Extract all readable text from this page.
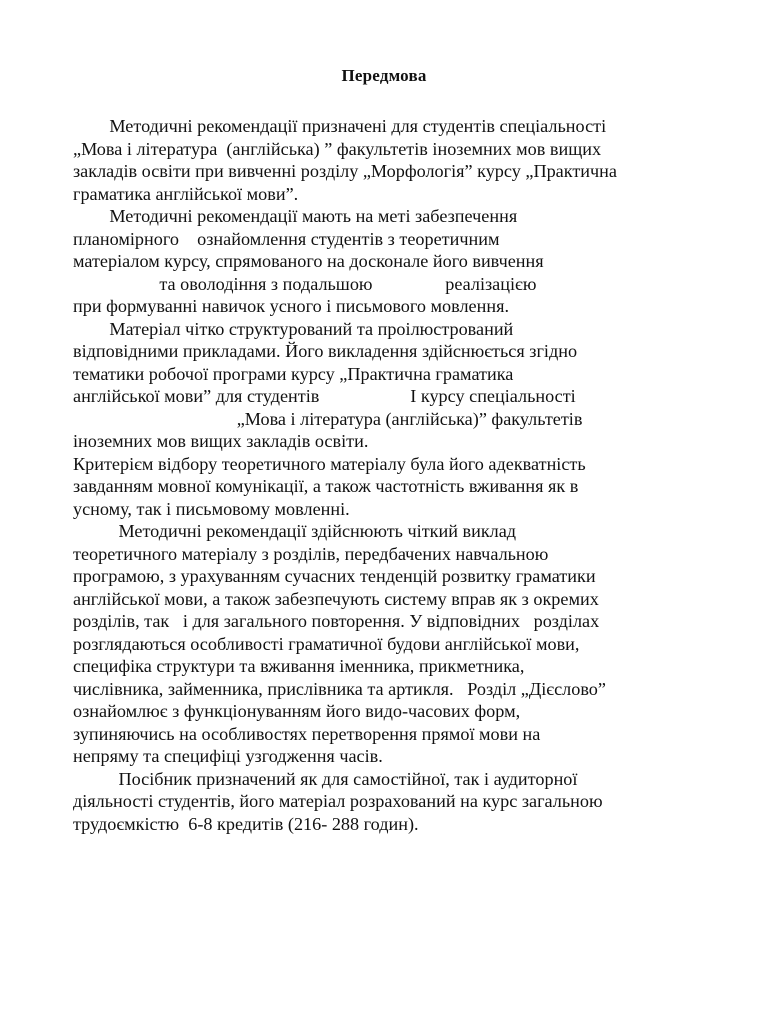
Передмова

Методичні рекомендації призначені для студентів спеціальності

„Мова і література  (англійська) ” факультетів іноземних мов вищих

закладів освіти при вивченні розділу „Морфологія” курсу „Практична

граматика англійської мови”.

Методичні рекомендації мають на меті забезпечення

планомірного    ознайомлення студентів з теоретичним

матеріалом курсу, спрямованого на досконале його вивчення

та оволодіння з подальшою                реалізацією

при формуванні навичок усного і письмового мовлення.

Матеріал чітко структурований та проілюстрований

відповідними прикладами. Його викладення здійснюється згідно

тематики робочої програми курсу „Практична граматика

англійської мови” для студентів                    І курсу спеціальності

„Мова і література (англійська)” факультетів

іноземних мов вищих закладів освіти.

Критерієм відбору теоретичного матеріалу була його адекватність

завданням мовної комунікації, а також частотність вживання як в

усному, так і письмовому мовленні.

Методичні рекомендації здійснюють чіткий виклад

теоретичного матеріалу з розділів, передбачених навчальною

програмою, з урахуванням сучасних тенденцій розвитку граматики

англійської мови, а також забезпечують систему вправ як з окремих

розділів, так   і для загального повторення. У відповідних   розділах

розглядаються особливості граматичної будови англійської мови,

специфіка структури та вживання іменника, прикметника,

числівника, займенника, прислівника та артикля.   Розділ „Дієслово”

ознайомлює з функціонуванням його видо-часових форм,

зупиняючись на особливостях перетворення прямої мови на

непряму та специфіці узгодження часів.

Посібник призначений як для самостійної, так і аудиторної

діяльності студентів, його матеріал розрахований на курс загальною

трудоємкістю  6-8 кредитів (216- 288 годин).
